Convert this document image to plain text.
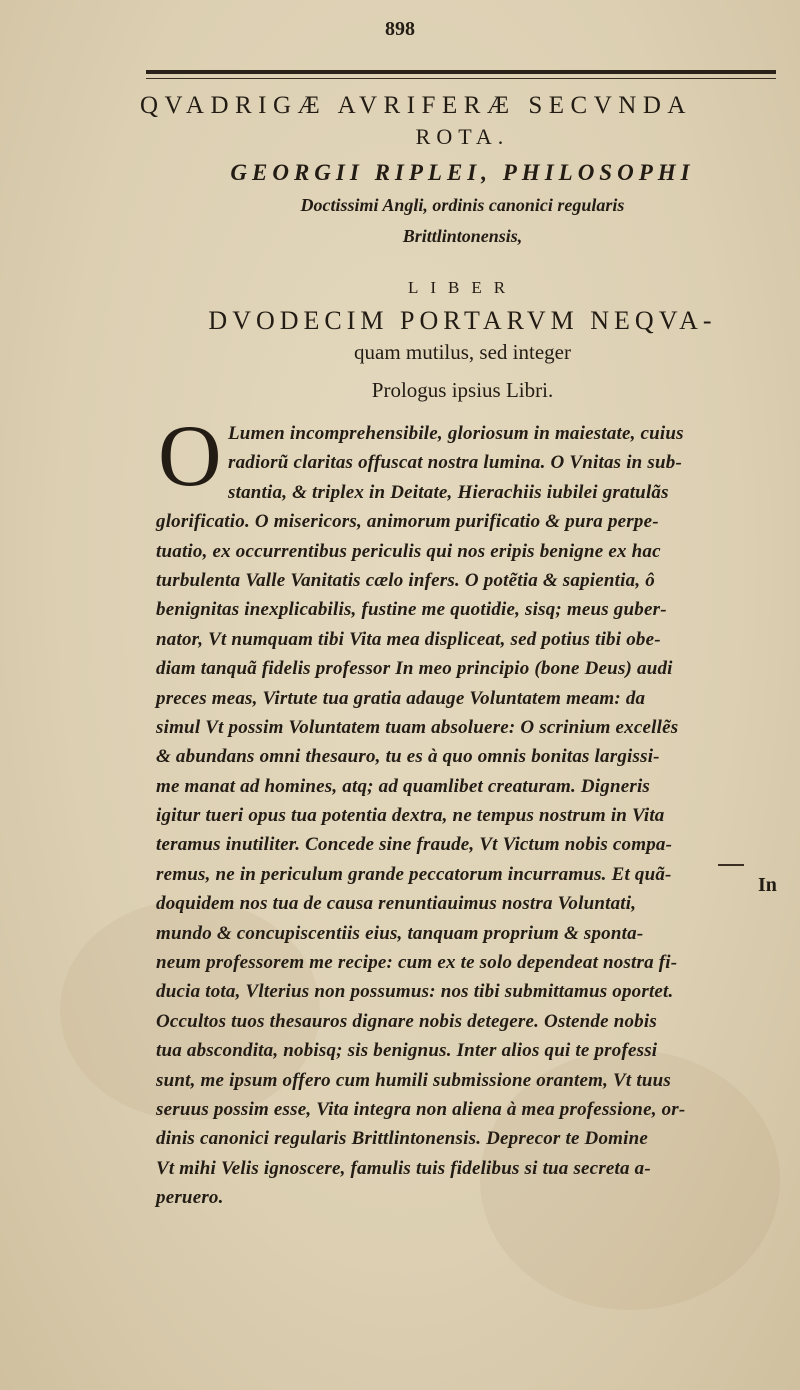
898
QVADRIGÆ AVRIFERÆ SECVNDA
ROTA.
GEORGII RIPLEI, PHILOSOPHI
Doctissimi Angli, ordinis canonici regularis
Brittlintonensis,
LIBER
DVODECIM PORTARVM NEQVA-
quam mutilus, sed integer
Prologus ipsius Libri.
O Lumen incomprehensibile, gloriosum in maiestate, cuius
radiorũ claritas offuscat nostra lumina. O Vnitas in sub-
stantia, & triplex in Deitate, Hierachiis iubilei gratulãs
glorificatio. O misericors, animorum purificatio & pura perpe-
tuatio, ex occurrentibus periculis qui nos eripis benigne ex hac
turbulenta Valle Vanitatis cælo infers. O potẽtia & sapientia, ô
benignitas inexplicabilis, fustine me quotidie, sisq; meus guber-
nator, Vt numquam tibi Vita mea displiceat, sed potius tibi obe-
diam tanquã fidelis professor In meo principio (bone Deus) audi
preces meas, Virtute tua gratia adauge Voluntatem meam: da
simul Vt possim Voluntatem tuam absoluere: O scrinium excellẽs
& abundans omni thesauro, tu es à quo omnis bonitas largissi-
me manat ad homines, atq; ad quamlibet creaturam. Digneris
igitur tueri opus tua potentia dextra, ne tempus nostrum in Vita
teramus inutiliter. Concede sine fraude, Vt Victum nobis compa-
remus, ne in periculum grande peccatorum incurramus. Et quã-
doquidem nos tua de causa renuntiauimus nostra Voluntati,
mundo & concupiscentiis eius, tanquam proprium & sponta-
neum professorem me recipe: cum ex te solo dependeat nostra fi-
ducia tota, Vlterius non possumus: nos tibi submittamus oportet.
Occultos tuos thesauros dignare nobis detegere. Ostende nobis
tua abscondita, nobisq; sis benignus. Inter alios qui te professi
sunt, me ipsum offero cum humili submissione orantem, Vt tuus
seruus possim esse, Vita integra non aliena à mea professione, or-
dinis canonici regularis Brittlintonensis. Deprecor te Domine
Vt mihi Velis ignoscere, famulis tuis fidelibus si tua secreta a-
peruero.
In
